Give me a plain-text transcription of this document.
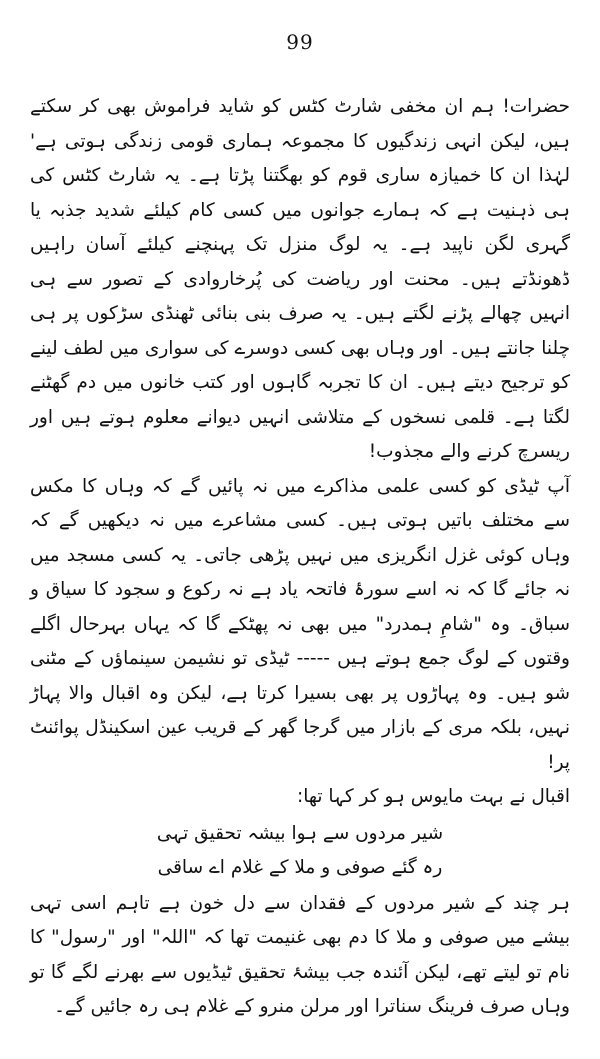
99

حضرات! ہم ان مخفی شارٹ کٹس کو شاید فراموش بھی کر سکتے ہیں، لیکن انہی زندگیوں کا مجموعہ ہماری قومی زندگی ہوتی ہے' لہٰذا ان کا خمیازہ ساری قوم کو بھگتنا پڑتا ہے۔ یہ شارٹ کٹس کی ہی ذہنیت ہے کہ ہمارے جوانوں میں کسی کام کیلئے شدید جذبہ یا گہری لگن ناپید ہے۔ یہ لوگ منزل تک پہنچنے کیلئے آسان راہیں ڈھونڈتے ہیں۔ محنت اور ریاضت کی پُرخاروادی کے تصور سے ہی انہیں چھالے پڑنے لگتے ہیں۔ یہ صرف بنی بنائی ٹھنڈی سڑکوں پر ہی چلنا جانتے ہیں۔ اور وہاں بھی کسی دوسرے کی سواری میں لطف لینے کو ترجیح دیتے ہیں۔ ان کا تجربہ گاہوں اور کتب خانوں میں دم گھٹنے لگتا ہے۔ قلمی نسخوں کے متلاشی انہیں دیوانے معلوم ہوتے ہیں اور ریسرچ کرنے والے مجذوب!

آپ ٹیڈی کو کسی علمی مذاکرے میں نہ پائیں گے کہ وہاں کا مکس سے مختلف باتیں ہوتی ہیں۔ کسی مشاعرے میں نہ دیکھیں گے کہ وہاں کوئی غزل انگریزی میں نہیں پڑھی جاتی۔ یہ کسی مسجد میں نہ جائے گا کہ نہ اسے سورۂ فاتحہ یاد ہے نہ رکوع و سجود کا سیاق و سباق۔ وہ "شامِ ہمدرد" میں بھی نہ پھٹکے گا کہ یہاں بہرحال اگلے وقتوں کے لوگ جمع ہوتے ہیں ----- ٹیڈی تو نشیمن سینماؤں کے مٹنی شو ہیں۔ وہ پہاڑوں پر بھی بسیرا کرتا ہے، لیکن وہ اقبال والا پہاڑ نہیں، بلکہ مری کے بازار میں گرجا گھر کے قریب عین اسکینڈل پوائنٹ پر!

اقبال نے بہت مایوس ہو کر کہا تھا:

شیر مردوں سے ہوا بیشہ تحقیق تہی
رہ گئے صوفی و ملا کے غلام اے ساقی

ہر چند کے شیر مردوں کے فقدان سے دل خون ہے تاہم اسی تہی بیشے میں صوفی و ملا کا دم بھی غنیمت تھا کہ "اللہ" اور "رسول" کا نام تو لیتے تھے، لیکن آئندہ جب بیشۂ تحقیق ٹیڈیوں سے بھرنے لگے گا تو وہاں صرف فرینگ سناترا اور مرلن منرو کے غلام ہی رہ جائیں گے۔
